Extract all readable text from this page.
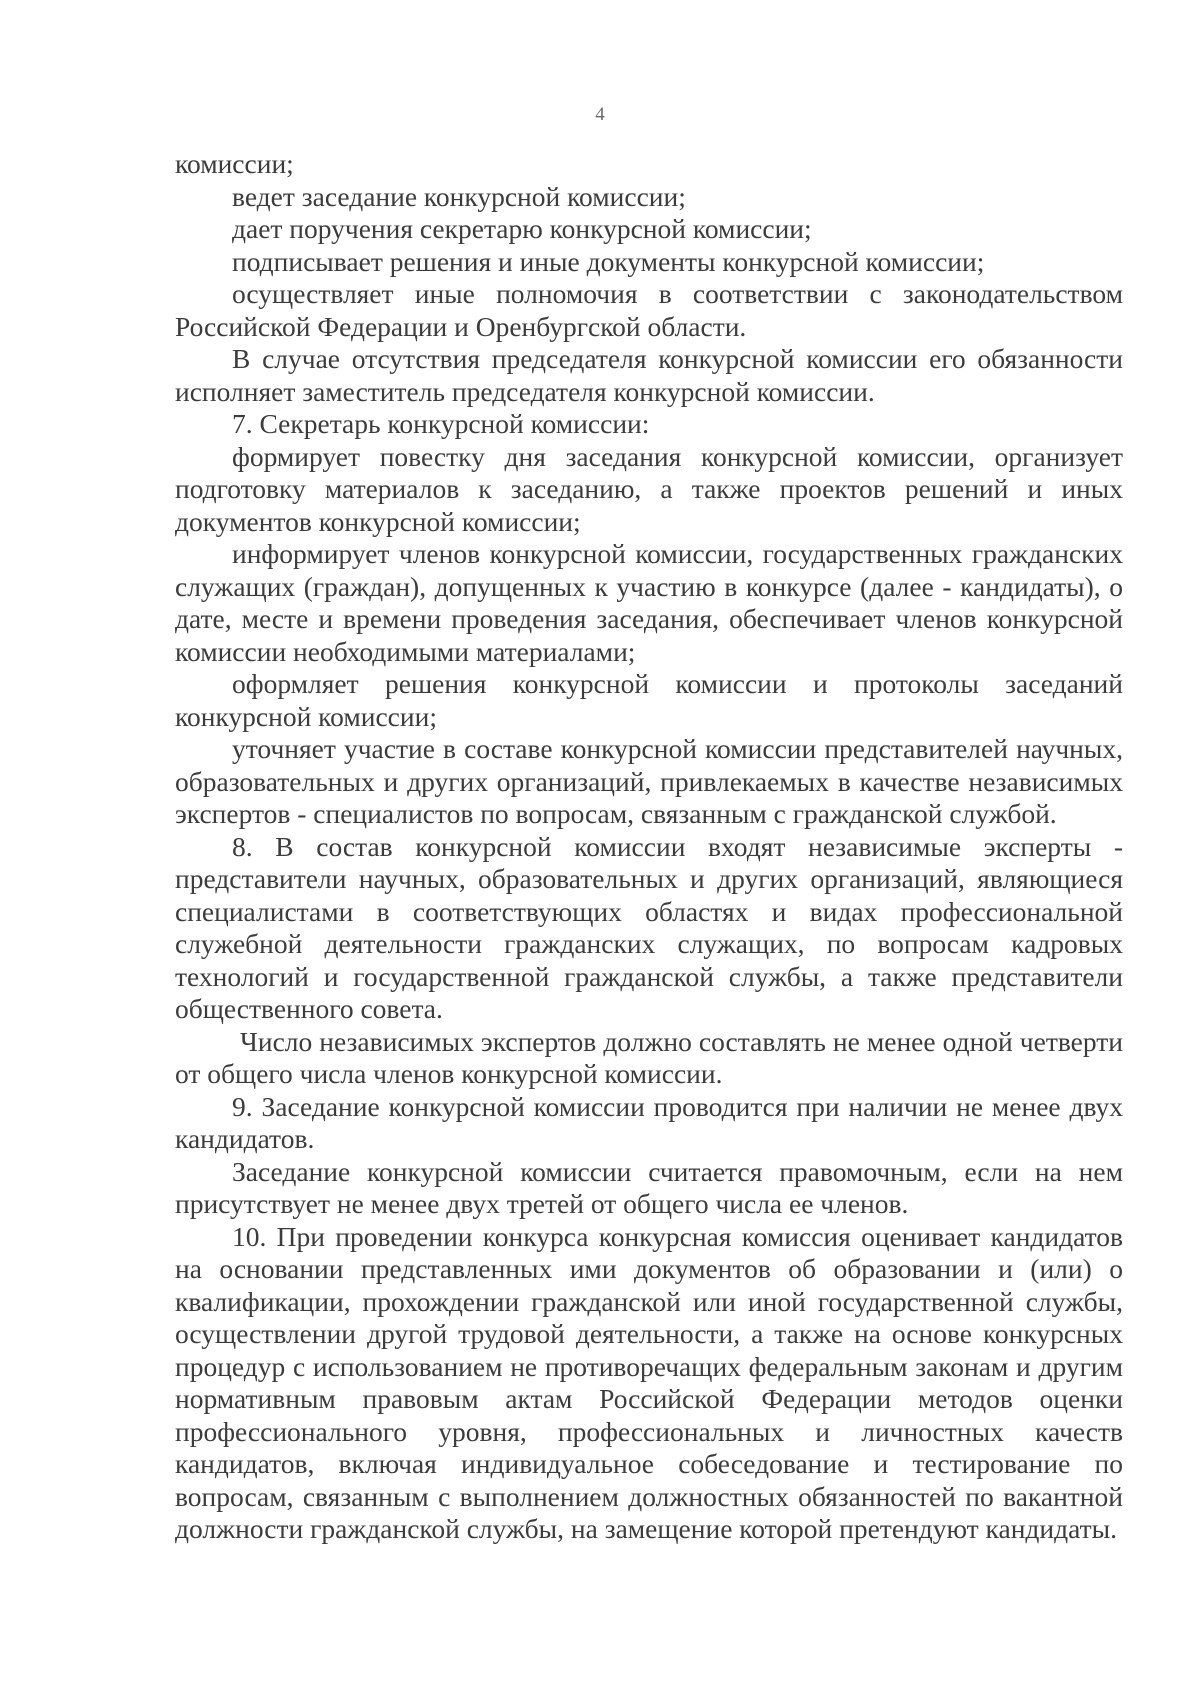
4

комиссии;

ведет заседание конкурсной комиссии;

дает поручения секретарю конкурсной комиссии;

подписывает решения и иные документы конкурсной комиссии;

осуществляет иные полномочия в соответствии с законодательством Российской Федерации и Оренбургской области.

В случае отсутствия председателя конкурсной комиссии его обязанности исполняет заместитель председателя конкурсной комиссии.

7. Секретарь конкурсной комиссии:

формирует повестку дня заседания конкурсной комиссии, организует подготовку материалов к заседанию, а также проектов решений и иных документов конкурсной комиссии;

информирует членов конкурсной комиссии, государственных гражданских служащих (граждан), допущенных к участию в конкурсе (далее - кандидаты), о дате, месте и времени проведения заседания, обеспечивает членов конкурсной комиссии необходимыми материалами;

оформляет решения конкурсной комиссии и протоколы заседаний конкурсной комиссии;

уточняет участие в составе конкурсной комиссии представителей научных, образовательных и других организаций, привлекаемых в качестве независимых экспертов - специалистов по вопросам, связанным с гражданской службой.

8. В состав конкурсной комиссии входят независимые эксперты - представители научных, образовательных и других организаций, являющиеся специалистами в соответствующих областях и видах профессиональной служебной деятельности гражданских служащих, по вопросам кадровых технологий и государственной гражданской службы, а также представители общественного совета.

Число независимых экспертов должно составлять не менее одной четверти от общего числа членов конкурсной комиссии.

9. Заседание конкурсной комиссии проводится при наличии не менее двух кандидатов.

Заседание конкурсной комиссии считается правомочным, если на нем присутствует не менее двух третей от общего числа ее членов.

10. При проведении конкурса конкурсная комиссия оценивает кандидатов на основании представленных ими документов об образовании и (или) о квалификации, прохождении гражданской или иной государственной службы, осуществлении другой трудовой деятельности, а также на основе конкурсных процедур с использованием не противоречащих федеральным законам и другим нормативным правовым актам Российской Федерации методов оценки профессионального уровня, профессиональных и личностных качеств кандидатов, включая индивидуальное собеседование и тестирование по вопросам, связанным с выполнением должностных обязанностей по вакантной должности гражданской службы, на замещение которой претендуют кандидаты.
